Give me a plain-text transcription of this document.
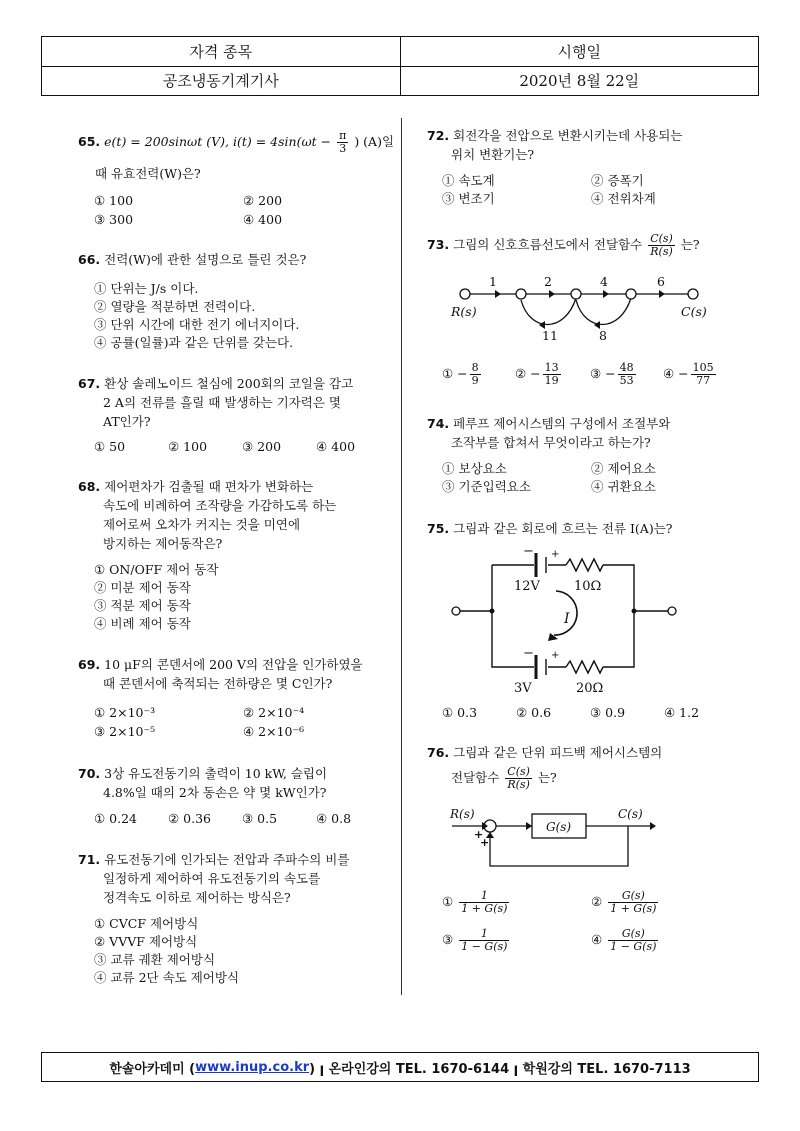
자격 종목	시행일
공조냉동기계기사	2020년 8월 22일
65. e(t) = 200sinωt (V), $i(t) = 4\sin(\omega t - \frac{\pi}{3}$ ) (A)일
때 유효전력(W)은?
① 100	② 200
③ 300	④ 400
66. 전력(W)에 관한 설명으로 틀린 것은?
① 단위는 J/s 이다.
② 열량을 적분하면 전력이다.
③ 단위 시간에 대한 전기 에너지이다.
④ 공률(일률)과 같은 단위를 갖는다.
67. 환상 솔레노이드 철심에 200회의 코일을 감고
2 A의 전류를 흘릴 때 발생하는 기자력은 몇
AT인가?
① 50	② 100	③ 200	④ 400
68. 제어편차가 검출될 때 편차가 변화하는
속도에 비례하여 조작량을 가감하도록 하는
제어로써 오차가 커지는 것을 미연에
방지하는 제어동작은?
① ON/OFF 제어 동작
② 미분 제어 동작
③ 적분 제어 동작
④ 비례 제어 동작
69. 10 μF의 콘덴서에 200 V의 전압을 인가하였을
때 콘덴서에 축적되는 전하량은 몇 C인가?
① 2×10⁻³	② 2×10⁻⁴
③ 2×10⁻⁵	④ 2×10⁻⁶
70. 3상 유도전동기의 출력이 10 kW, 슬립이
4.8%일 때의 2차 동손은 약 몇 kW인가?
① 0.24 ② 0.36 ③ 0.5	④ 0.8
71. 유도전동기에 인가되는 전압과 주파수의 비를
일정하게 제어하여 유도전동기의 속도를
정격속도 이하로 제어하는 방식은?
① CVCF 제어방식
② VVVF 제어방식
③ 교류 궤환 제어방식
④ 교류 2단 속도 제어방식
72. 회전각을 전압으로 변환시키는데 사용되는
위치 변환기는?
① 속도계	② 증폭기
③ 변조기	④ 전위차계
73. 그림의 신호흐름선도에서 전달함수 $\frac{C(s)}{R(s)}$ 는?
1	2	4	6
11	8
R(s)	C(s)
① − $\frac{8}{9}$	② − $\frac{13}{19}$ ③ − $\frac{48}{53}$ ④ − $\frac{105}{77}$
74. 페루프 제어시스템의 구성에서 조절부와
조작부를 합쳐서 무엇이라고 하는가?
① 보상요소	② 제어요소
③ 기준입력요소	④ 귀환요소
75. 그림과 같은 회로에 흐르는 전류 I(A)는?
− +
12V	10Ω
I
− +
3V	20Ω
① 0.3	② 0.6	③ 0.9	④ 1.2
76. 그림과 같은 단위 피드백 제어시스템의
전달함수 $\frac{C(s)}{R(s)}$ 는?
R(s)	C(s)
G(s)
+
+
① $\frac{1}{1 + G(s)}$	② $\frac{G(s)}{1 + G(s)}$
③ $\frac{1}{1 - G(s)}$	④ $\frac{G(s)}{1 - G(s)}$
한솔아카데미 ( www.inup.co.kr ) ꞁ 온라인강의 TEL. 1670-6144 ꞁ 학원강의 TEL. 1670-7113
